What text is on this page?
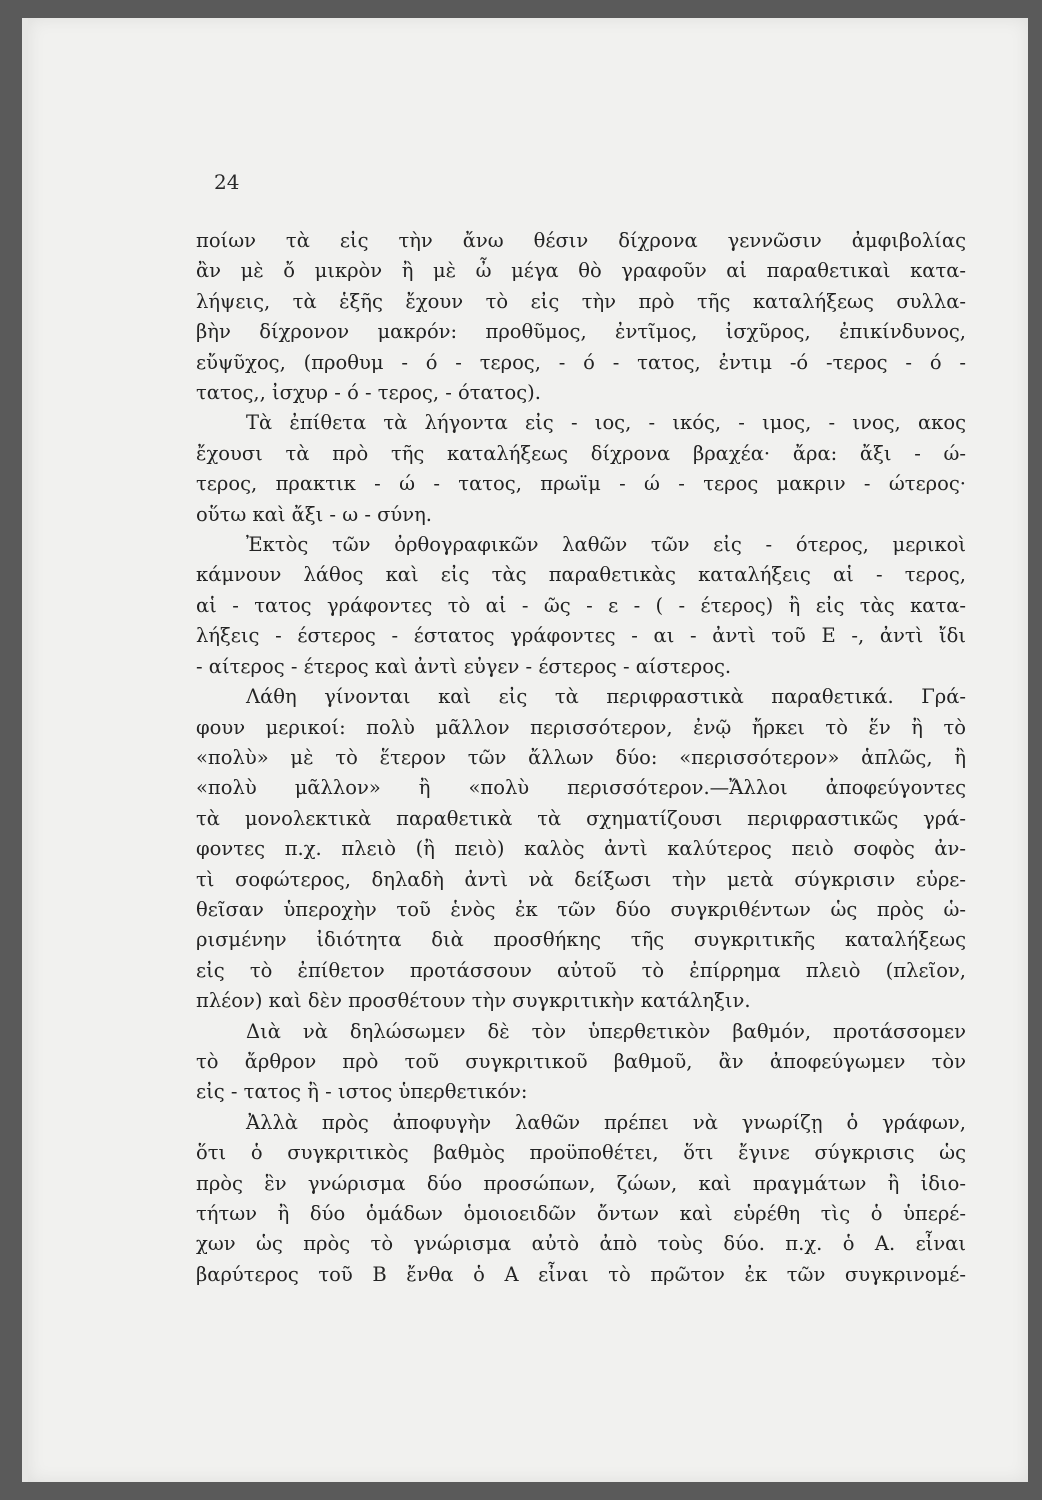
24
ποίων τὰ εἰς τὴν ἄνω θέσιν δίχρονα γεννῶσιν ἀμφιβολίας
ἂν μὲ ὄ μικρὸν ἢ μὲ ὦ μέγα θὸ γραφοῦν αἱ παραθετικαὶ κατα-
λήψεις, τὰ ἑξῆς ἔχουν τὸ εἰς τὴν πρὸ τῆς καταλήξεως συλλα-
βὴν δίχρονον μακρόν: προθῦμος, ἐντῖμος, ἰσχῦρος, ἐπικίνδυνος,
εὔψῦχος, (προθυμ - ό - τερος, - ό - τατος, ἐντιμ -ό -τερος - ό -
τατος,, ἰσχυρ - ό - τερος, - ότατος).
Τὰ ἐπίθετα τὰ λήγοντα εἰς - ιος, - ικός, - ιμος, - ινος, ακος
ἔχουσι τὰ πρὸ τῆς καταλήξεως δίχρονα βραχέα· ἄρα: ἄξι - ώ-
τερος, πρακτικ - ώ - τατος, πρωϊμ - ώ - τερος μακριν - ώτερος·
οὕτω καὶ ἄξι - ω - σύνη.
Ἐκτὸς τῶν ὀρθογραφικῶν λαθῶν τῶν εἰς - ότερος, μερικοὶ
κάμνουν λάθος καὶ εἰς τὰς παραθετικὰς καταλήξεις αἱ - τερος,
αἱ - τατος γράφοντες τὸ αἱ - ῶς - ε - ( - έτερος) ἢ εἰς τὰς κατα-
λήξεις - έστερος - έστατος γράφοντες - αι - ἀντὶ τοῦ Ε -, ἀντὶ ἴδι
- αίτερος - έτερος καὶ ἀντὶ εὐγεν - έστερος - αίστερος.
Λάθη γίνονται καὶ εἰς τὰ περιφραστικὰ παραθετικά. Γρά-
φουν μερικοί: πολὺ μᾶλλον περισσότερον, ἐνῷ ἤρκει τὸ ἕν ἢ τὸ
«πολὺ» μὲ τὸ ἕτερον τῶν ἄλλων δύο: «περισσότερον» ἁπλῶς, ἢ
«πολὺ μᾶλλον» ἢ «πολὺ περισσότερον.—Ἄλλοι ἀποφεύγοντες
τὰ μονολεκτικὰ παραθετικὰ τὰ σχηματίζουσι περιφραστικῶς γρά-
φοντες π.χ. πλειὸ (ἢ πειὸ) καλὸς ἀντὶ καλύτερος πειὸ σοφὸς ἀν-
τὶ σοφώτερος, δηλαδὴ ἀντὶ νὰ δείξωσι τὴν μετὰ σύγκρισιν εὑρε-
θεῖσαν ὑπεροχὴν τοῦ ἑνὸς ἐκ τῶν δύο συγκριθέντων ὡς πρὸς ὡ-
ρισμένην ἰδιότητα διὰ προσθήκης τῆς συγκριτικῆς καταλήξεως
εἰς τὸ ἐπίθετον προτάσσουν αὐτοῦ τὸ ἐπίρρημα πλειὸ (πλεῖον,
πλέον) καὶ δὲν προσθέτουν τὴν συγκριτικὴν κατάληξιν.
Διὰ νὰ δηλώσωμεν δὲ τὸν ὑπερθετικὸν βαθμόν, προτάσσομεν
τὸ ἄρθρον πρὸ τοῦ συγκριτικοῦ βαθμοῦ, ἂν ἀποφεύγωμεν τὸν
εἰς - τατος ἢ - ιστος ὑπερθετικόν:
Ἀλλὰ πρὸς ἀποφυγὴν λαθῶν πρέπει νὰ γνωρίζῃ ὁ γράφων,
ὅτι ὁ συγκριτικὸς βαθμὸς προϋποθέτει, ὅτι ἔγινε σύγκρισις ὡς
πρὸς ἓν γνώρισμα δύο προσώπων, ζώων, καὶ πραγμάτων ἢ ἰδιο-
τήτων ἢ δύο ὁμάδων ὁμοιοειδῶν ὄντων καὶ εὑρέθη τὶς ὁ ὑπερέ-
χων ὡς πρὸς τὸ γνώρισμα αὐτὸ ἀπὸ τοὺς δύο. π.χ. ὁ Α. εἶναι
βαρύτερος τοῦ Β ἔνθα ὁ Α εἶναι τὸ πρῶτον ἐκ τῶν συγκρινομέ-
